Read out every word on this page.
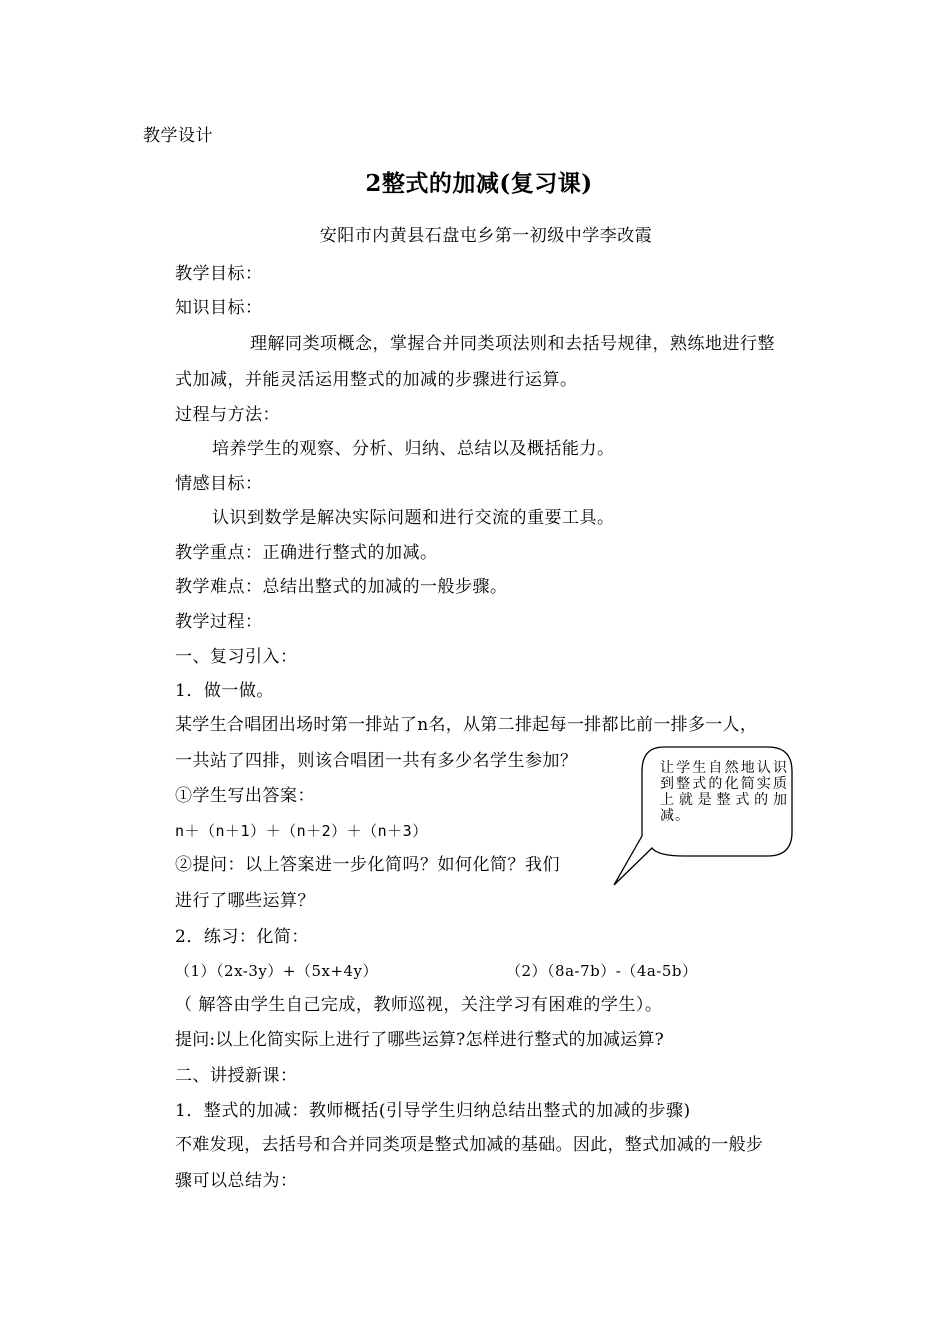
教学设计
2整式的加减(复习课)
安阳市内黄县石盘屯乡第一初级中学李改霞
教学目标：
知识目标：
理解同类项概念，掌握合并同类项法则和去括号规律，熟练地进行整
式加减，并能灵活运用整式的加减的步骤进行运算。
过程与方法：
培养学生的观察、分析、归纳、总结以及概括能力。
情感目标：
认识到数学是解决实际问题和进行交流的重要工具。
教学重点：正确进行整式的加减。
教学难点：总结出整式的加减的一般步骤。
教学过程：
一、复习引入：
1．做一做。
某学生合唱团出场时第一排站了n名，从第二排起每一排都比前一排多一人，
一共站了四排，则该合唱团一共有多少名学生参加？
①学生写出答案：
n＋（n＋1）＋（n＋2）＋（n＋3）
②提问：以上答案进一步化简吗？如何化简？我们
进行了哪些运算？
2．练习：化简：
（1）（2x-3y）+（5x+4y）	（2）（8a-7b）-（4a-5b）
（ 解答由学生自己完成，教师巡视，关注学习有困难的学生）。
提问:以上化简实际上进行了哪些运算?怎样进行整式的加减运算?
二、讲授新课：
1．整式的加减：教师概括(引导学生归纳总结出整式的加减的步骤)
不难发现，去括号和合并同类项是整式加减的基础。因此，整式加减的一般步
骤可以总结为：
让学生自然地认识到整式的化简实质上就是整式的加减。
